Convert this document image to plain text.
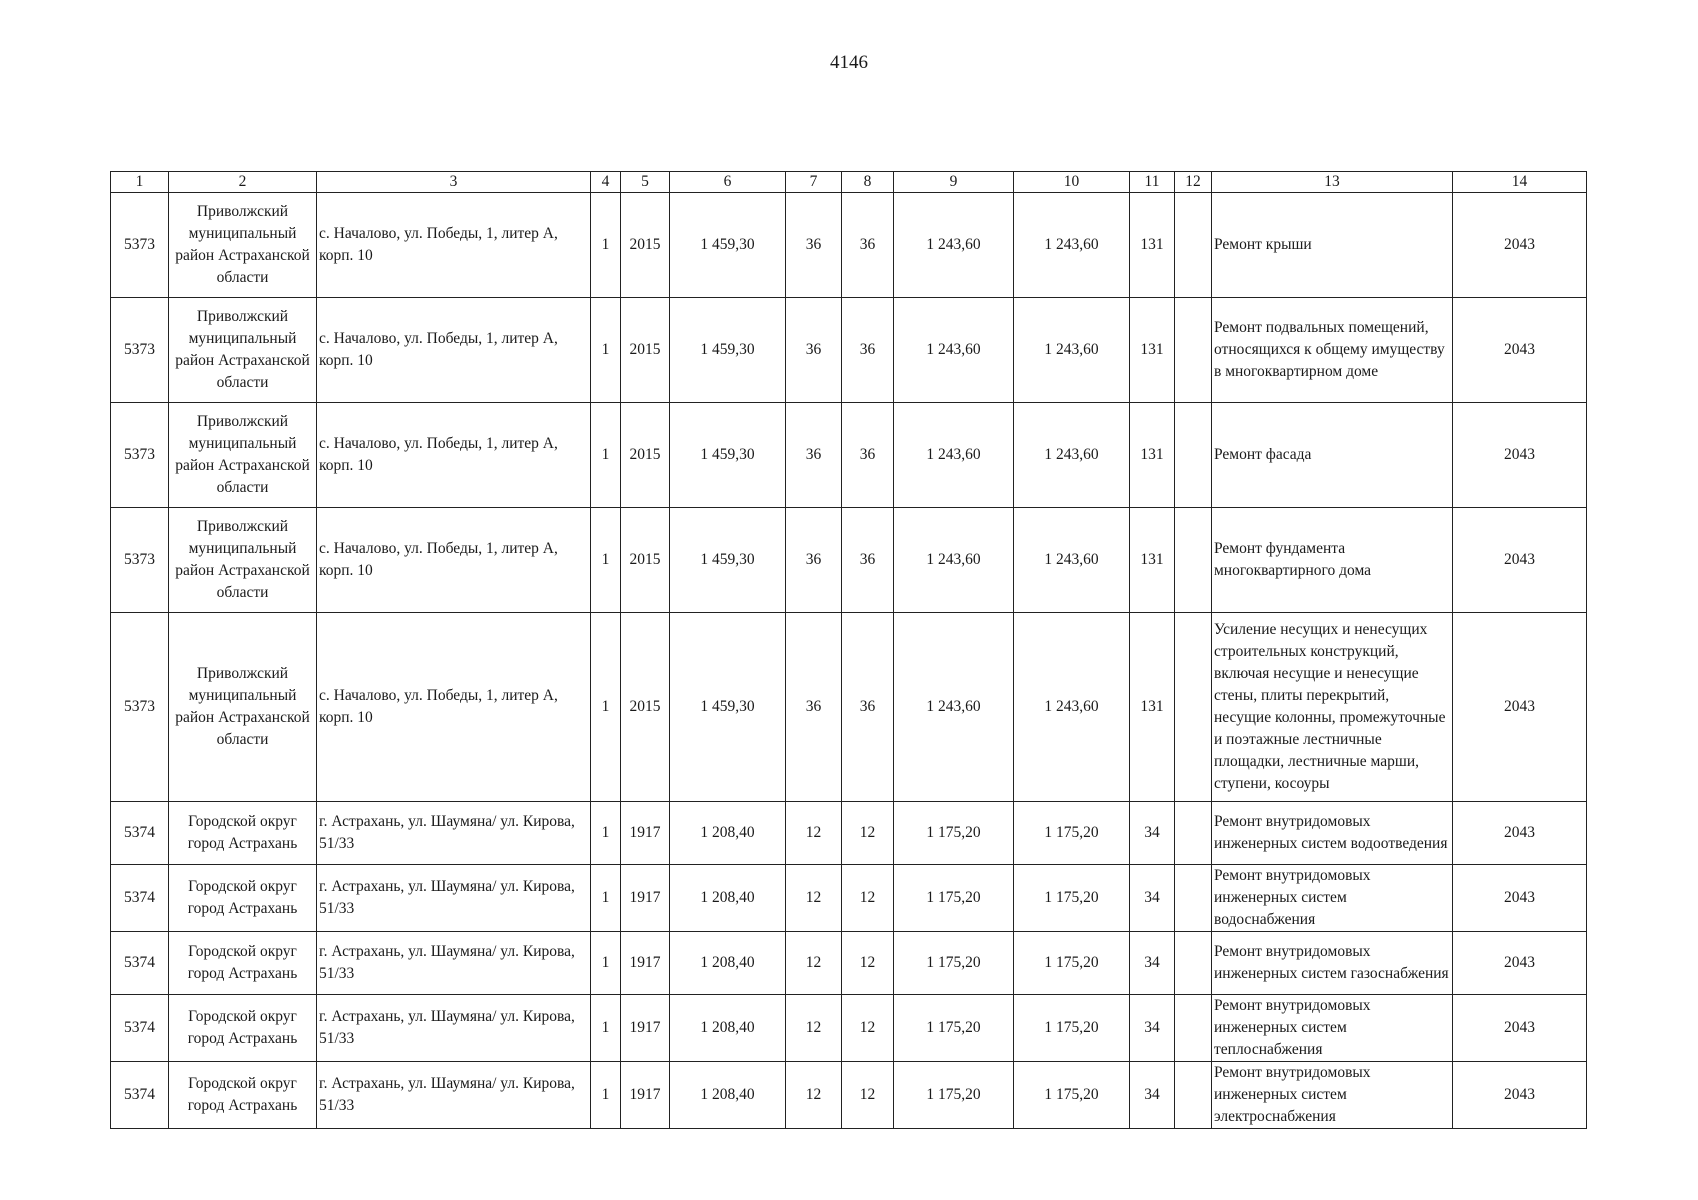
4146
1	2	3	4	5	6	7	8	9	10	11	12	13	14
5373	Приволжский муниципальный район Астраханской области	с. Началово, ул. Победы, 1, литер А, корп. 10	1	2015	1 459,30	36	36	1 243,60	1 243,60	131		Ремонт крыши	2043
5373	Приволжский муниципальный район Астраханской области	с. Началово, ул. Победы, 1, литер А, корп. 10	1	2015	1 459,30	36	36	1 243,60	1 243,60	131		Ремонт подвальных помещений, относящихся к общему имуществу в многоквартирном доме	2043
5373	Приволжский муниципальный район Астраханской области	с. Началово, ул. Победы, 1, литер А, корп. 10	1	2015	1 459,30	36	36	1 243,60	1 243,60	131		Ремонт фасада	2043
5373	Приволжский муниципальный район Астраханской области	с. Началово, ул. Победы, 1, литер А, корп. 10	1	2015	1 459,30	36	36	1 243,60	1 243,60	131		Ремонт фундамента многоквартирного дома	2043
5373	Приволжский муниципальный район Астраханской области	с. Началово, ул. Победы, 1, литер А, корп. 10	1	2015	1 459,30	36	36	1 243,60	1 243,60	131		Усиление несущих и ненесущих строительных конструкций, включая несущие и ненесущие стены, плиты перекрытий, несущие колонны, промежуточные и поэтажные лестничные площадки, лестничные марши, ступени, косоуры	2043
5374	Городской округ город Астрахань	г. Астрахань, ул. Шаумяна/ ул. Кирова, 51/33	1	1917	1 208,40	12	12	1 175,20	1 175,20	34		Ремонт внутридомовых инженерных систем водоотведения	2043
5374	Городской округ город Астрахань	г. Астрахань, ул. Шаумяна/ ул. Кирова, 51/33	1	1917	1 208,40	12	12	1 175,20	1 175,20	34		Ремонт внутридомовых инженерных систем водоснабжения	2043
5374	Городской округ город Астрахань	г. Астрахань, ул. Шаумяна/ ул. Кирова, 51/33	1	1917	1 208,40	12	12	1 175,20	1 175,20	34		Ремонт внутридомовых инженерных систем газоснабжения	2043
5374	Городской округ город Астрахань	г. Астрахань, ул. Шаумяна/ ул. Кирова, 51/33	1	1917	1 208,40	12	12	1 175,20	1 175,20	34		Ремонт внутридомовых инженерных систем теплоснабжения	2043
5374	Городской округ город Астрахань	г. Астрахань, ул. Шаумяна/ ул. Кирова, 51/33	1	1917	1 208,40	12	12	1 175,20	1 175,20	34		Ремонт внутридомовых инженерных систем электроснабжения	2043
